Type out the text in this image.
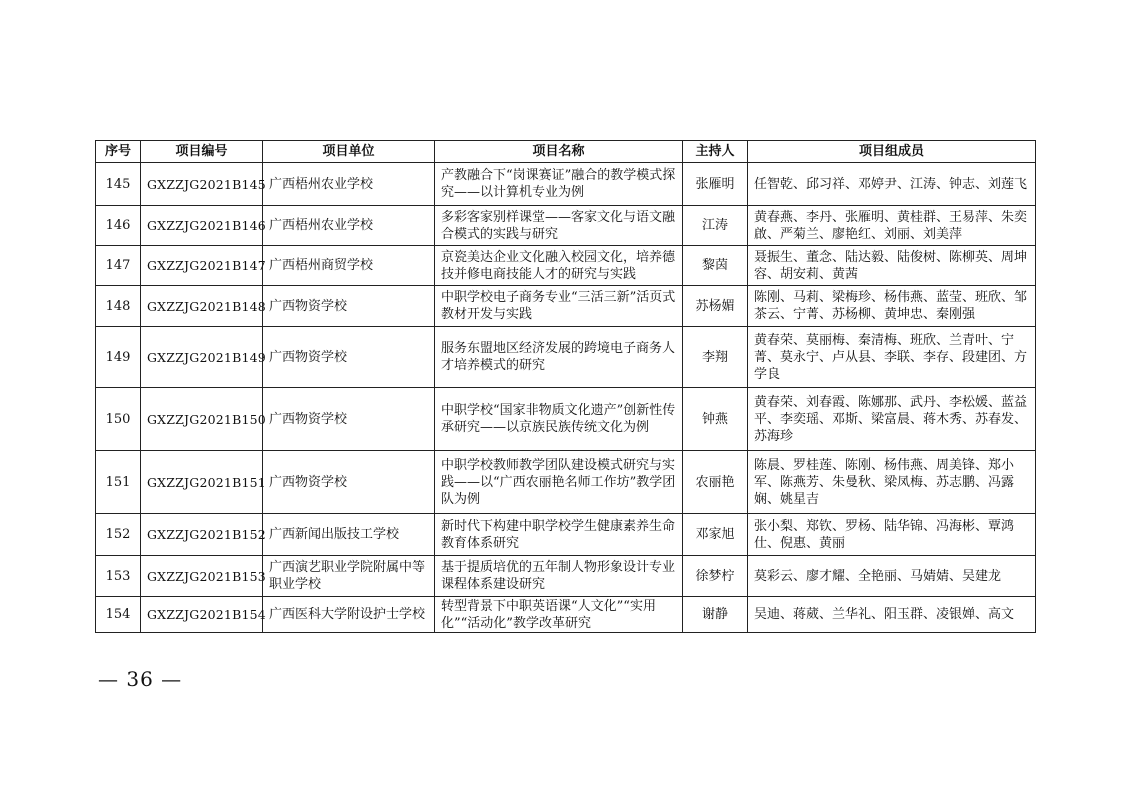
序号	项目编号	项目单位	项目名称	主持人	项目组成员
145	GXZZJG2021B145	广西梧州农业学校	产教融合下“岗课赛证”融合的教学模式探究——以计算机专业为例	张雁明	任智乾、邱习祥、邓婷尹、江涛、钟志、刘莲飞
146	GXZZJG2021B146	广西梧州农业学校	多彩客家别样课堂——客家文化与语文融合模式的实践与研究	江涛	黄春燕、李丹、张雁明、黄桂群、王易萍、朱奕啟、严菊兰、廖艳红、刘丽、刘美萍
147	GXZZJG2021B147	广西梧州商贸学校	京瓷美达企业文化融入校园文化，培养德技并修电商技能人才的研究与实践	黎茵	聂振生、董念、陆达毅、陆俊树、陈柳英、周坤容、胡安莉、黄茜
148	GXZZJG2021B148	广西物资学校	中职学校电子商务专业“三活三新”活页式教材开发与实践	苏杨媚	陈刚、马莉、梁梅珍、杨伟燕、蓝莹、班欣、邹茶云、宁菁、苏杨柳、黄坤忠、秦刚强
149	GXZZJG2021B149	广西物资学校	服务东盟地区经济发展的跨境电子商务人才培养模式的研究	李翔	黄春荣、莫丽梅、秦清梅、班欣、兰青叶、宁菁、莫永宁、卢从县、李联、李存、段建团、方学良
150	GXZZJG2021B150	广西物资学校	中职学校“国家非物质文化遗产”创新性传承研究——以京族民族传统文化为例	钟燕	黄春荣、刘春霞、陈娜那、武丹、李松媛、蓝益平、李奕瑶、邓斯、梁富晨、蒋木秀、苏春发、苏海珍
151	GXZZJG2021B151	广西物资学校	中职学校教师教学团队建设模式研究与实践——以“广西农丽艳名师工作坊”教学团队为例	农丽艳	陈晨、罗桂莲、陈刚、杨伟燕、周美锋、郑小军、陈燕芳、朱曼秋、梁凤梅、苏志鹏、冯露娴、姚星吉
152	GXZZJG2021B152	广西新闻出版技工学校	新时代下构建中职学校学生健康素养生命教育体系研究	邓家旭	张小梨、郑钦、罗杨、陆华锦、冯海彬、覃鸿仕、倪惠、黄丽
153	GXZZJG2021B153	广西演艺职业学院附属中等职业学校	基于提质培优的五年制人物形象设计专业课程体系建设研究	徐梦柠	莫彩云、廖才耀、全艳丽、马婧婧、吴建龙
154	GXZZJG2021B154	广西医科大学附设护士学校	转型背景下中职英语课“人文化”“实用化”“活动化”教学改革研究	谢静	吴迪、蒋葳、兰华礼、阳玉群、凌银婵、高文
— 36 —
